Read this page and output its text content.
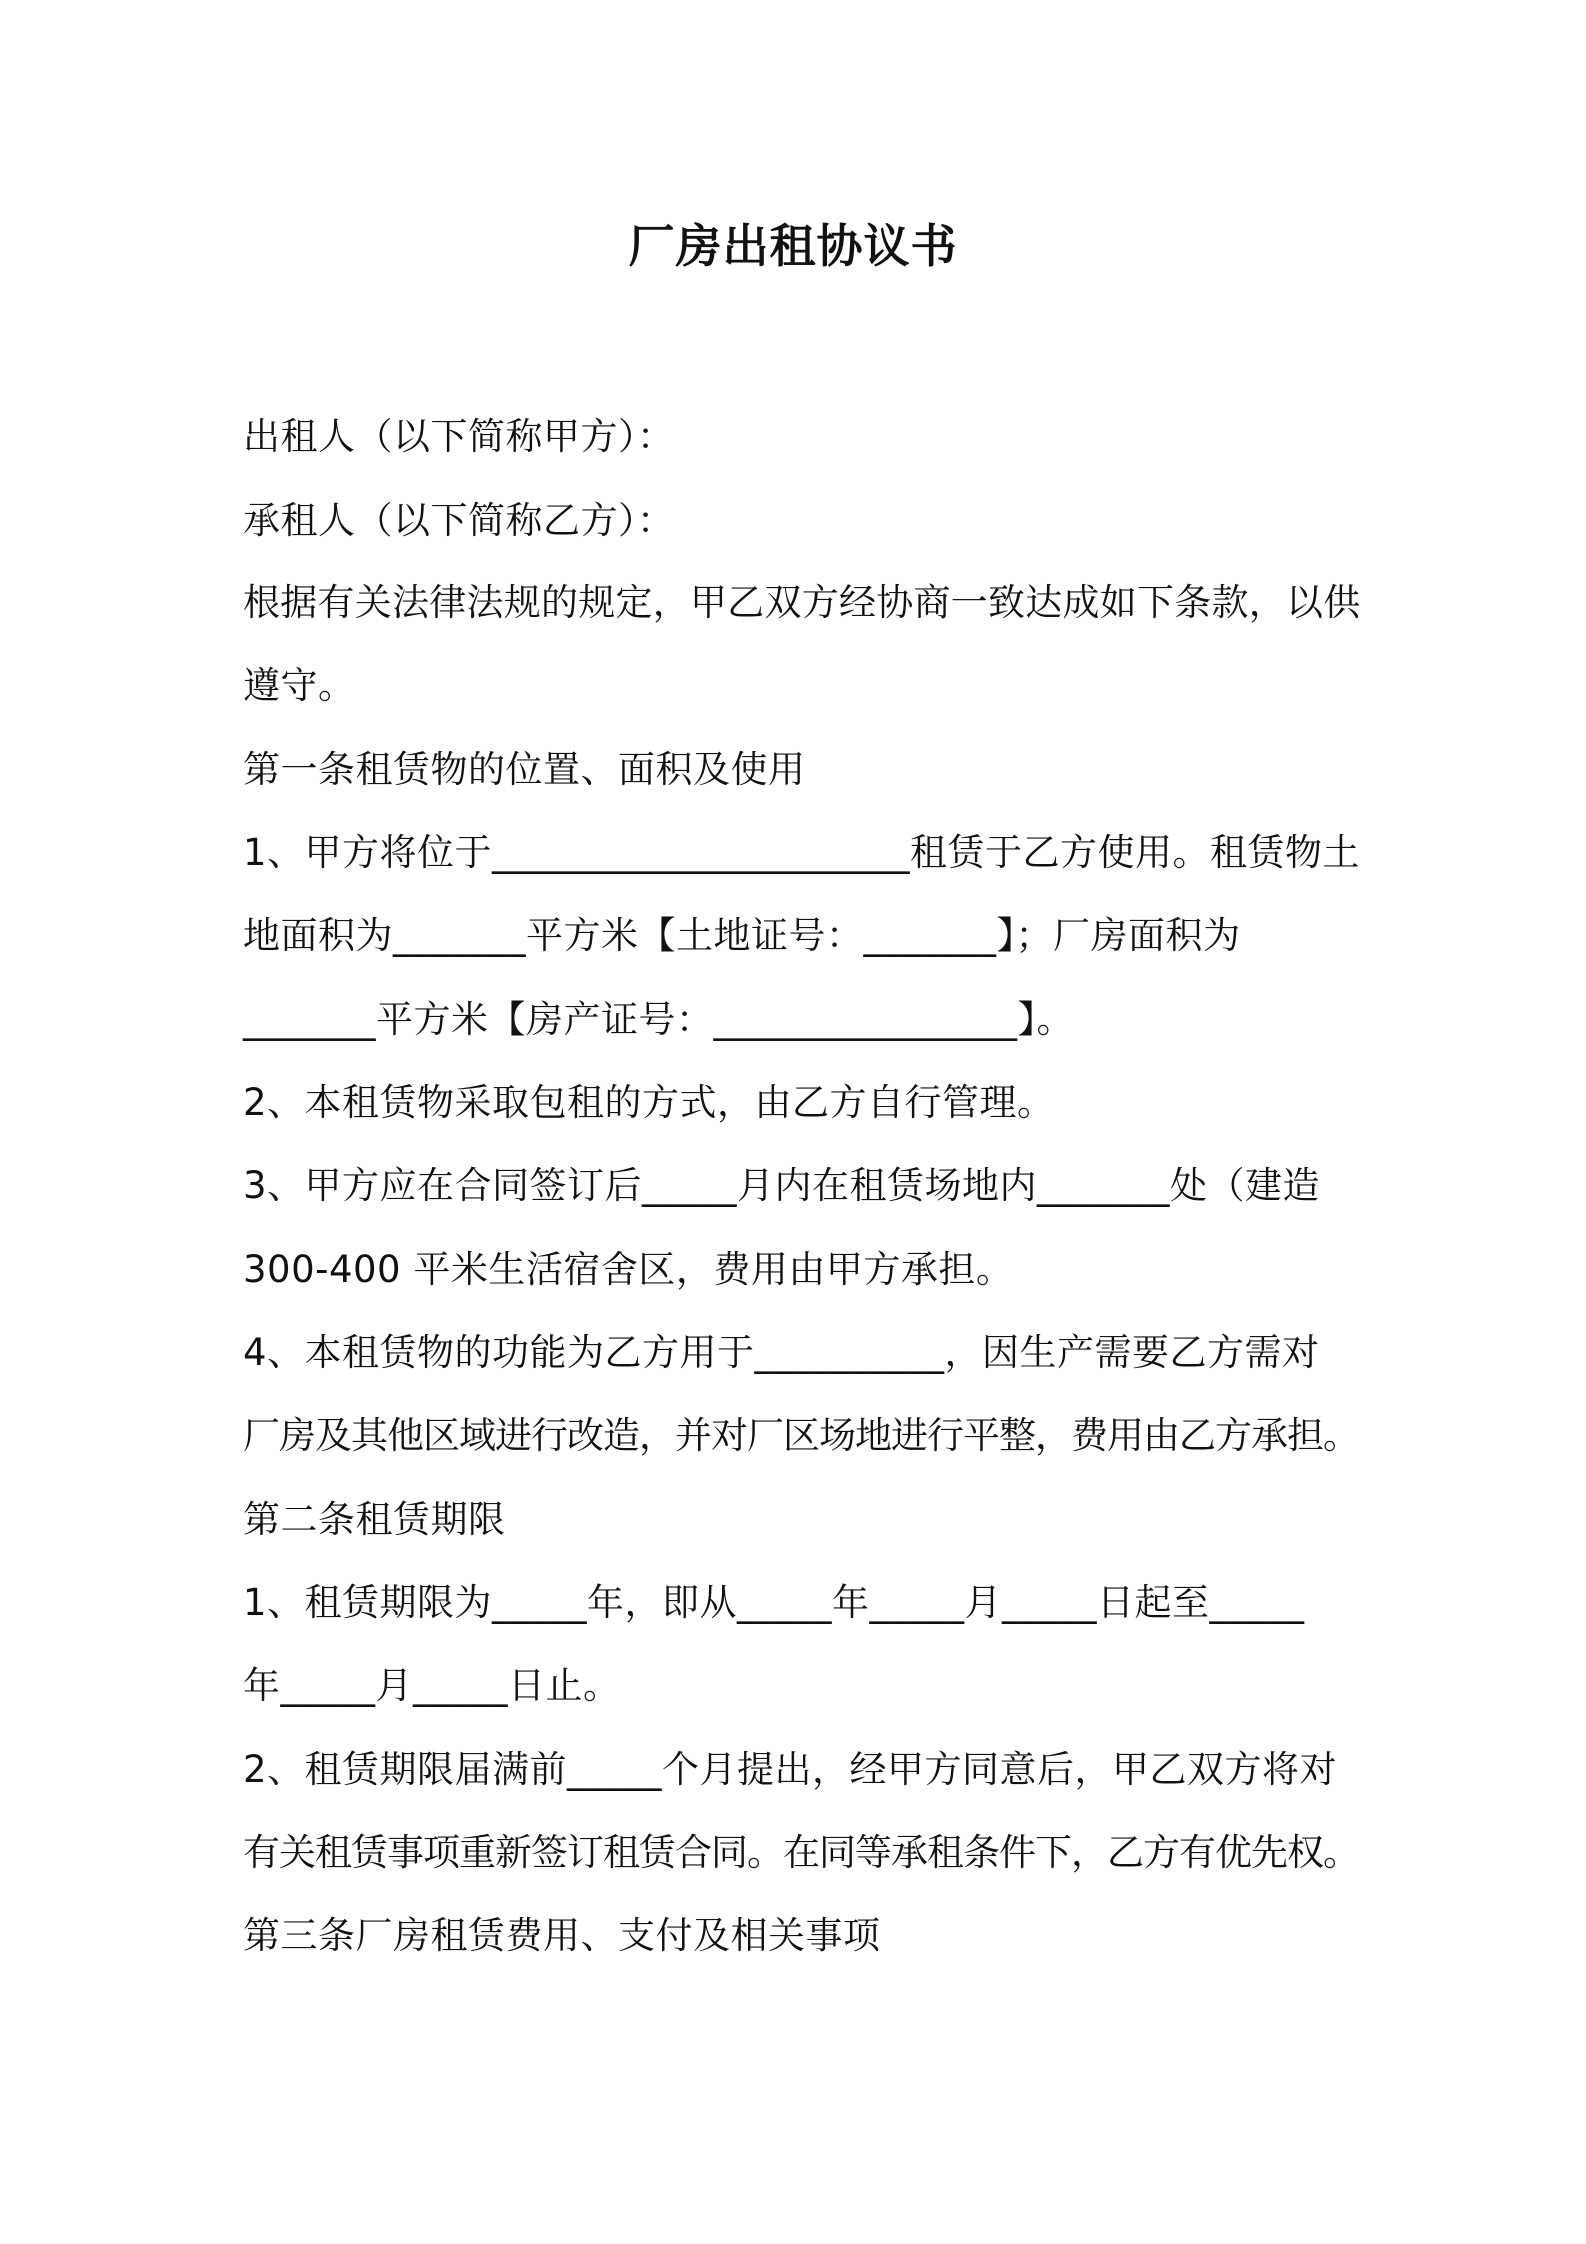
厂房出租协议书
出租人（以下简称甲方）：
承租人（以下简称乙方）：
根据有关法律法规的规定，甲乙双方经协商一致达成如下条款，以供
遵守。
第一条租赁物的位置、面积及使用
1、甲方将位于______________________租赁于乙方使用。租赁物土
地面积为_______平方米【土地证号：_______】；厂房面积为
_______平方米【房产证号：________________】。
2、本租赁物采取包租的方式，由乙方自行管理。
3、甲方应在合同签订后_____月内在租赁场地内_______处（建造
300-400 平米生活宿舍区，费用由甲方承担。
4、本租赁物的功能为乙方用于__________，因生产需要乙方需对
厂房及其他区域进行改造，并对厂区场地进行平整，费用由乙方承担。
第二条租赁期限
1、租赁期限为_____年，即从_____年_____月_____日起至_____
年_____月_____日止。
2、租赁期限届满前_____个月提出，经甲方同意后，甲乙双方将对
有关租赁事项重新签订租赁合同。在同等承租条件下，乙方有优先权。
第三条厂房租赁费用、支付及相关事项
